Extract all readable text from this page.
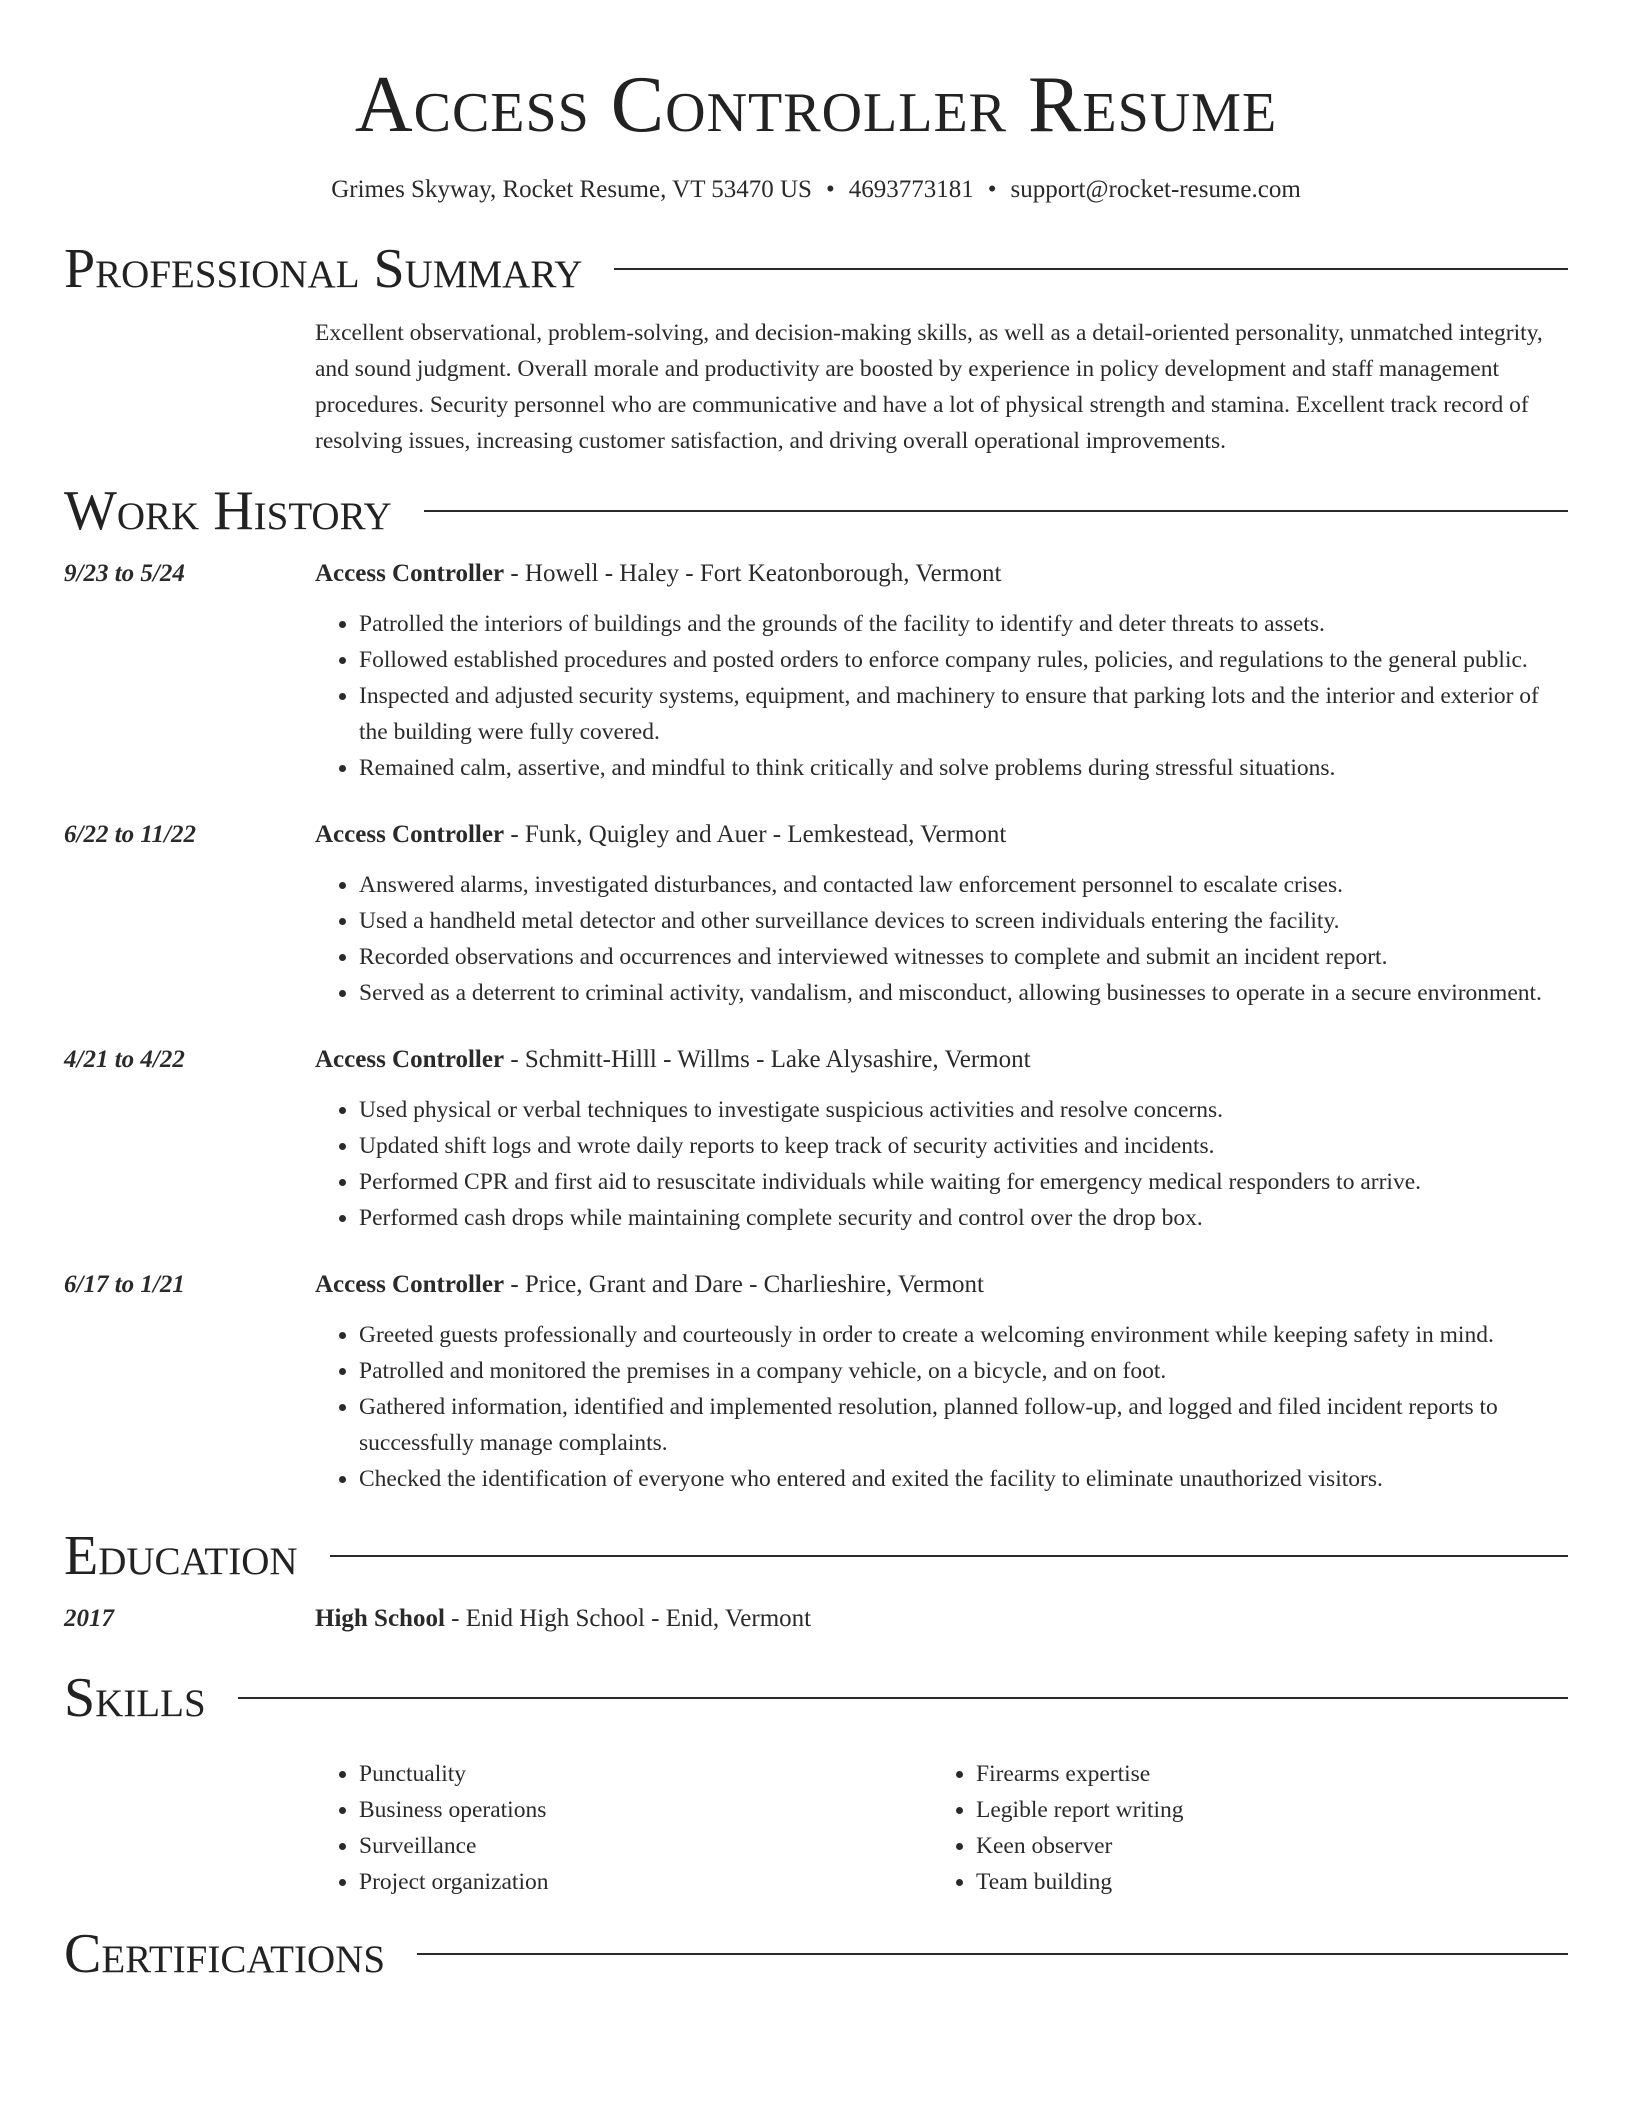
Access Controller Resume
Grimes Skyway, Rocket Resume, VT 53470 US • 4693773181 • support@rocket-resume.com
Professional Summary
Excellent observational, problem-solving, and decision-making skills, as well as a detail-oriented personality, unmatched integrity, and sound judgment. Overall morale and productivity are boosted by experience in policy development and staff management procedures. Security personnel who are communicative and have a lot of physical strength and stamina. Excellent track record of resolving issues, increasing customer satisfaction, and driving overall operational improvements.
Work History
9/23 to 5/24	Access Controller - Howell - Haley - Fort Keatonborough, Vermont
• Patrolled the interiors of buildings and the grounds of the facility to identify and deter threats to assets.
• Followed established procedures and posted orders to enforce company rules, policies, and regulations to the general public.
• Inspected and adjusted security systems, equipment, and machinery to ensure that parking lots and the interior and exterior of the building were fully covered.
• Remained calm, assertive, and mindful to think critically and solve problems during stressful situations.
6/22 to 11/22	Access Controller - Funk, Quigley and Auer - Lemkestead, Vermont
• Answered alarms, investigated disturbances, and contacted law enforcement personnel to escalate crises.
• Used a handheld metal detector and other surveillance devices to screen individuals entering the facility.
• Recorded observations and occurrences and interviewed witnesses to complete and submit an incident report.
• Served as a deterrent to criminal activity, vandalism, and misconduct, allowing businesses to operate in a secure environment.
4/21 to 4/22	Access Controller - Schmitt-Hilll - Willms - Lake Alysashire, Vermont
• Used physical or verbal techniques to investigate suspicious activities and resolve concerns.
• Updated shift logs and wrote daily reports to keep track of security activities and incidents.
• Performed CPR and first aid to resuscitate individuals while waiting for emergency medical responders to arrive.
• Performed cash drops while maintaining complete security and control over the drop box.
6/17 to 1/21	Access Controller - Price, Grant and Dare - Charlieshire, Vermont
• Greeted guests professionally and courteously in order to create a welcoming environment while keeping safety in mind.
• Patrolled and monitored the premises in a company vehicle, on a bicycle, and on foot.
• Gathered information, identified and implemented resolution, planned follow-up, and logged and filed incident reports to successfully manage complaints.
• Checked the identification of everyone who entered and exited the facility to eliminate unauthorized visitors.
Education
2017	High School - Enid High School - Enid, Vermont
Skills
• Punctuality
• Business operations
• Surveillance
• Project organization
• Firearms expertise
• Legible report writing
• Keen observer
• Team building
Certifications
